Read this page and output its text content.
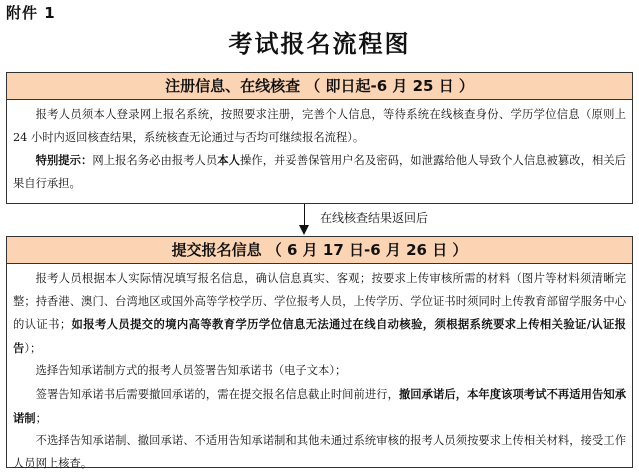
附件 1
考试报名流程图
注册信息、在线核查 （ 即日起-6 月 25 日 ）

报考人员须本人登录网上报名系统，按照要求注册，完善个人信息，等待系统在线核查身份、学历学位信息（原则上 24 小时内返回核查结果，系统核查无论通过与否均可继续报名流程）。

特别提示：网上报名务必由报考人员本人操作，并妥善保管用户名及密码，如泄露给他人导致个人信息被篡改，相关后果自行承担。

在线核查结果返回后
提交报名信息 （ 6 月 17 日-6 月 26 日 ）

报考人员根据本人实际情况填写报名信息，确认信息真实、客观；按要求上传审核所需的材料（图片等材料须清晰完整；持香港、澳门、台湾地区或国外高等学校学历、学位报考人员，上传学历、学位证书时须同时上传教育部留学服务中心的认证书；如报考人员提交的境内高等教育学历学位信息无法通过在线自动核验，须根据系统要求上传相关验证/认证报告）；

选择告知承诺制方式的报考人员签署告知承诺书（电子文本）；

签署告知承诺书后需要撤回承诺的，需在提交报名信息截止时间前进行，撤回承诺后，本年度该项考试不再适用告知承诺制；

不选择告知承诺制、撤回承诺、不适用告知承诺制和其他未通过系统审核的报考人员须按要求上传相关材料，接受工作人员网上核查。
